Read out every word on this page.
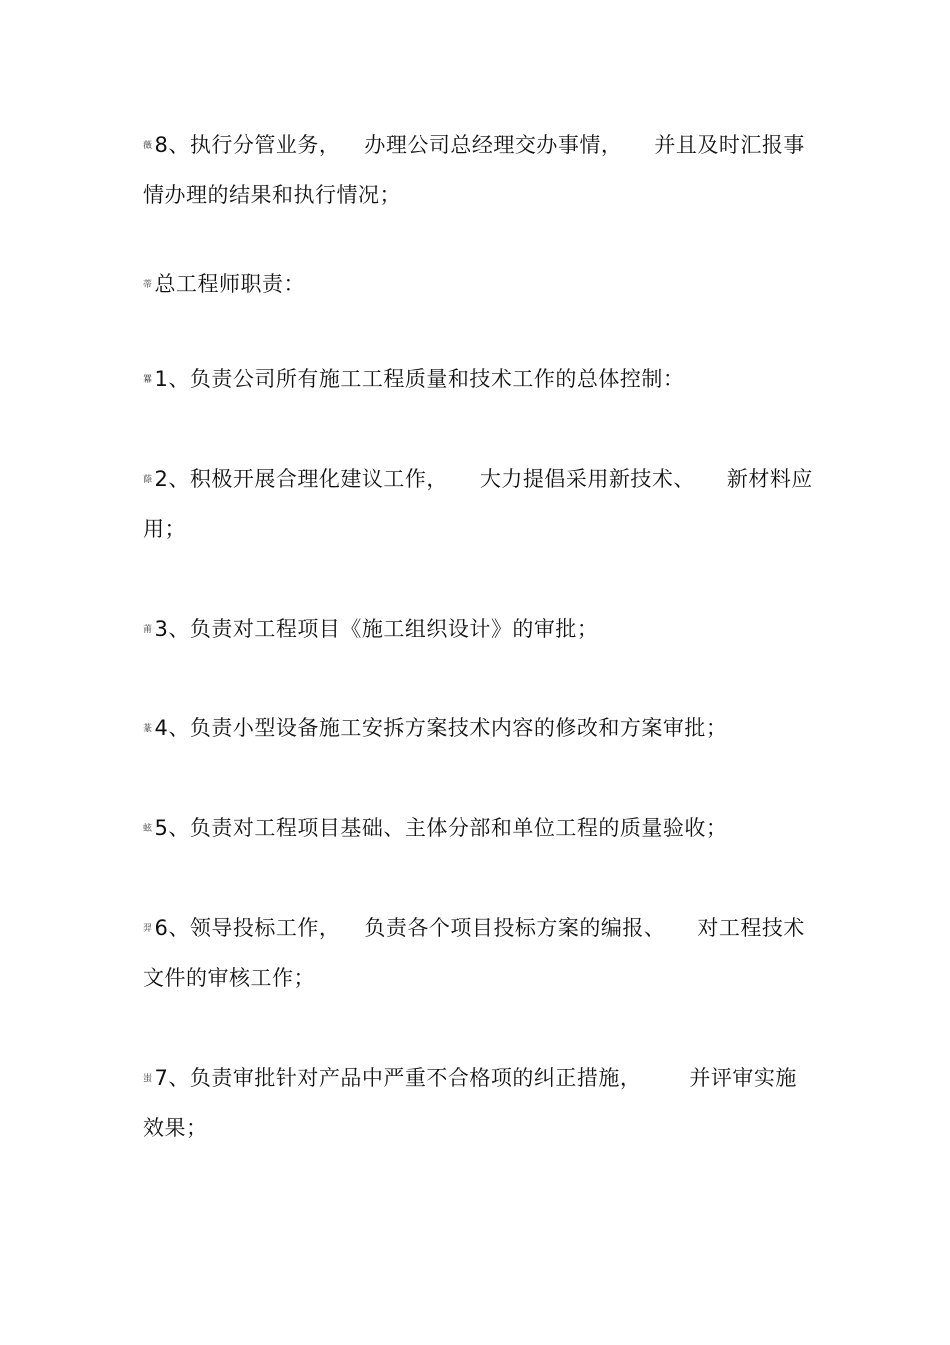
薇8、执行分管业务， 办理公司总经理交办事情， 并且及时汇报事
情办理的结果和执行情况；
蒂总工程师职责：
羃1、负责公司所有施工工程质量和技术工作的总体控制：
蒢2、积极开展合理化建议工作， 大力提倡采用新技术、 新材料应
用；
莆3、负责对工程项目《施工组织设计》的审批；
蒃4、负责小型设备施工安拆方案技术内容的修改和方案审批；
蚿5、负责对工程项目基础、主体分部和单位工程的质量验收；
羿6、领导投标工作， 负责各个项目投标方案的编报、 对工程技术
文件的审核工作；
蚩7、负责审批针对产品中严重不合格项的纠正措施， 并评审实施
效果；
